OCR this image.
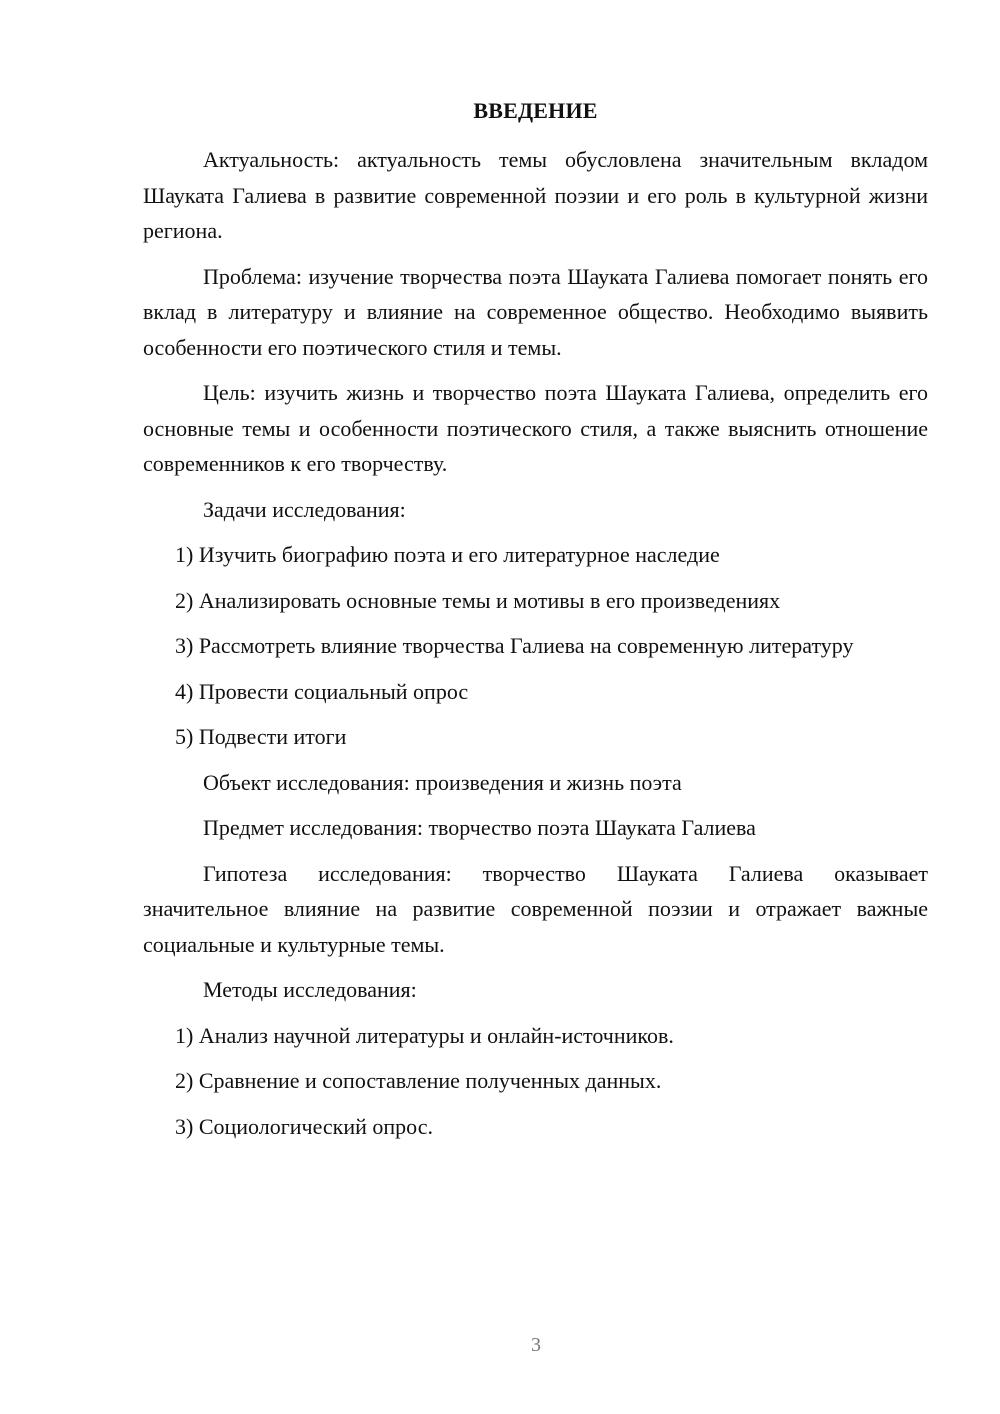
ВВЕДЕНИЕ

Актуальность: актуальность темы обусловлена значительным вкладом Шауката Галиева в развитие современной поэзии и его роль в культурной жизни региона.

Проблема: изучение творчества поэта Шауката Галиева помогает понять его вклад в литературу и влияние на современное общество. Необходимо выявить особенности его поэтического стиля и темы.

Цель: изучить жизнь и творчество поэта Шауката Галиева, определить его основные темы и особенности поэтического стиля, а также выяснить отношение современников к его творчеству.

Задачи исследования:

1) Изучить биографию поэта и его литературное наследие

2) Анализировать основные темы и мотивы в его произведениях

3) Рассмотреть влияние творчества Галиева на современную литературу

4) Провести социальный опрос

5) Подвести итоги

Объект исследования: произведения и жизнь поэта

Предмет исследования: творчество поэта Шауката Галиева

Гипотеза исследования: творчество Шауката Галиева оказывает значительное влияние на развитие современной поэзии и отражает важные социальные и культурные темы.

Методы исследования:

1) Анализ научной литературы и онлайн-источников.

2) Сравнение и сопоставление полученных данных.

3) Социологический опрос.

3
